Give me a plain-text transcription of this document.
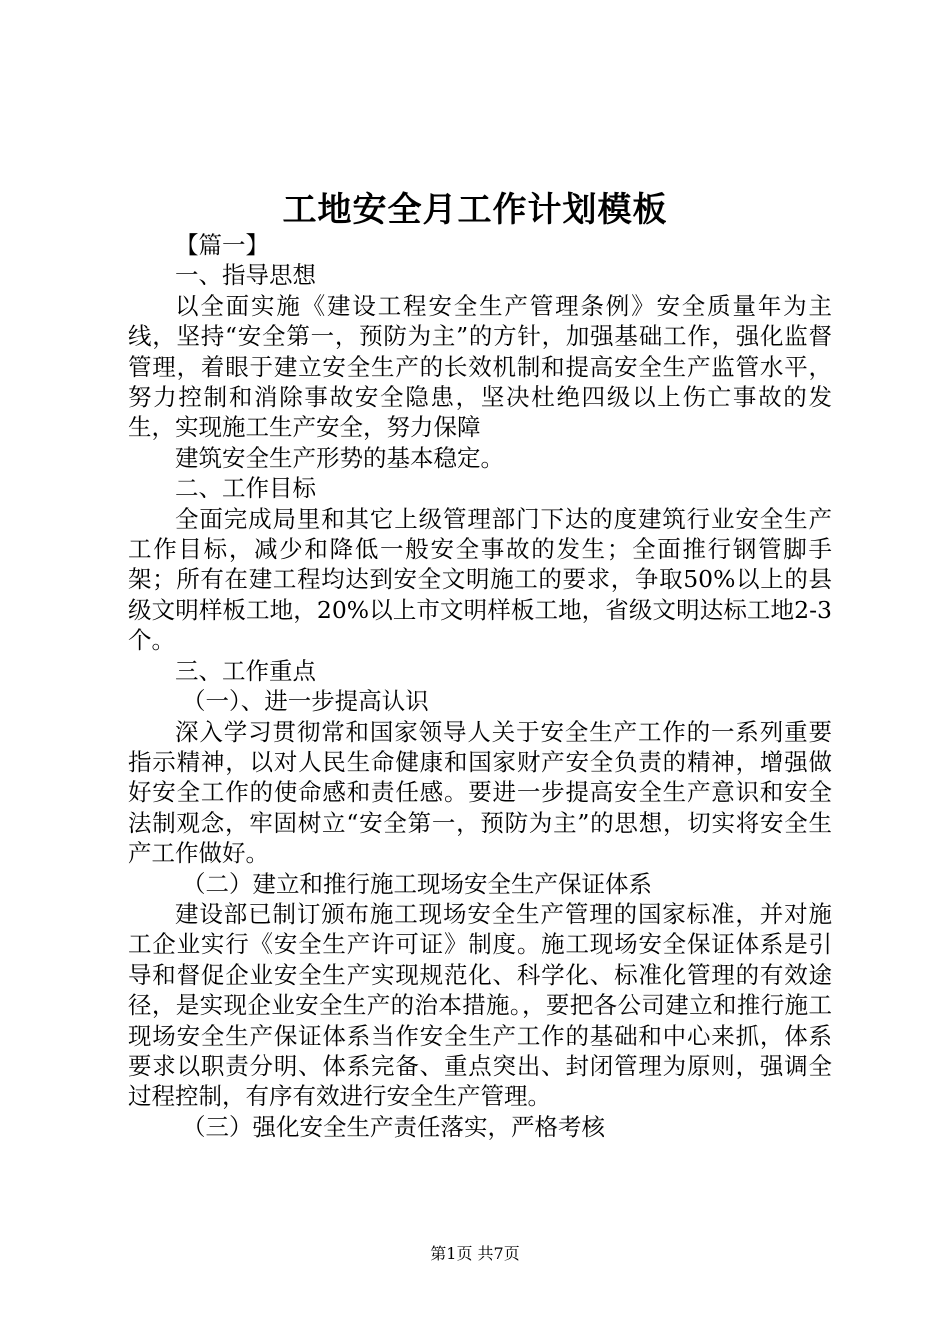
工地安全月工作计划模板

【篇一】

一、指导思想

以全面实施《建设工程安全生产管理条例》安全质量年为主线，坚持“安全第一，预防为主”的方针，加强基础工作，强化监督管理，着眼于建立安全生产的长效机制和提高安全生产监管水平，努力控制和消除事故安全隐患，坚决杜绝四级以上伤亡事故的发生，实现施工生产安全，努力保障

建筑安全生产形势的基本稳定。

二、工作目标

全面完成局里和其它上级管理部门下达的度建筑行业安全生产工作目标，减少和降低一般安全事故的发生；全面推行钢管脚手架；所有在建工程均达到安全文明施工的要求，争取50%以上的县级文明样板工地，20%以上市文明样板工地，省级文明达标工地2-3个。

三、工作重点

（一）、进一步提高认识

深入学习贯彻常和国家领导人关于安全生产工作的一系列重要指示精神，以对人民生命健康和国家财产安全负责的精神，增强做好安全工作的使命感和责任感。要进一步提高安全生产意识和安全法制观念，牢固树立“安全第一，预防为主”的思想，切实将安全生产工作做好。

（二）建立和推行施工现场安全生产保证体系

建设部已制订颁布施工现场安全生产管理的国家标准，并对施工企业实行《安全生产许可证》制度。施工现场安全保证体系是引导和督促企业安全生产实现规范化、科学化、标准化管理的有效途径，是实现企业安全生产的治本措施。，要把各公司建立和推行施工现场安全生产保证体系当作安全生产工作的基础和中心来抓，体系要求以职责分明、体系完备、重点突出、封闭管理为原则，强调全过程控制，有序有效进行安全生产管理。

（三）强化安全生产责任落实，严格考核

第1页 共7页
